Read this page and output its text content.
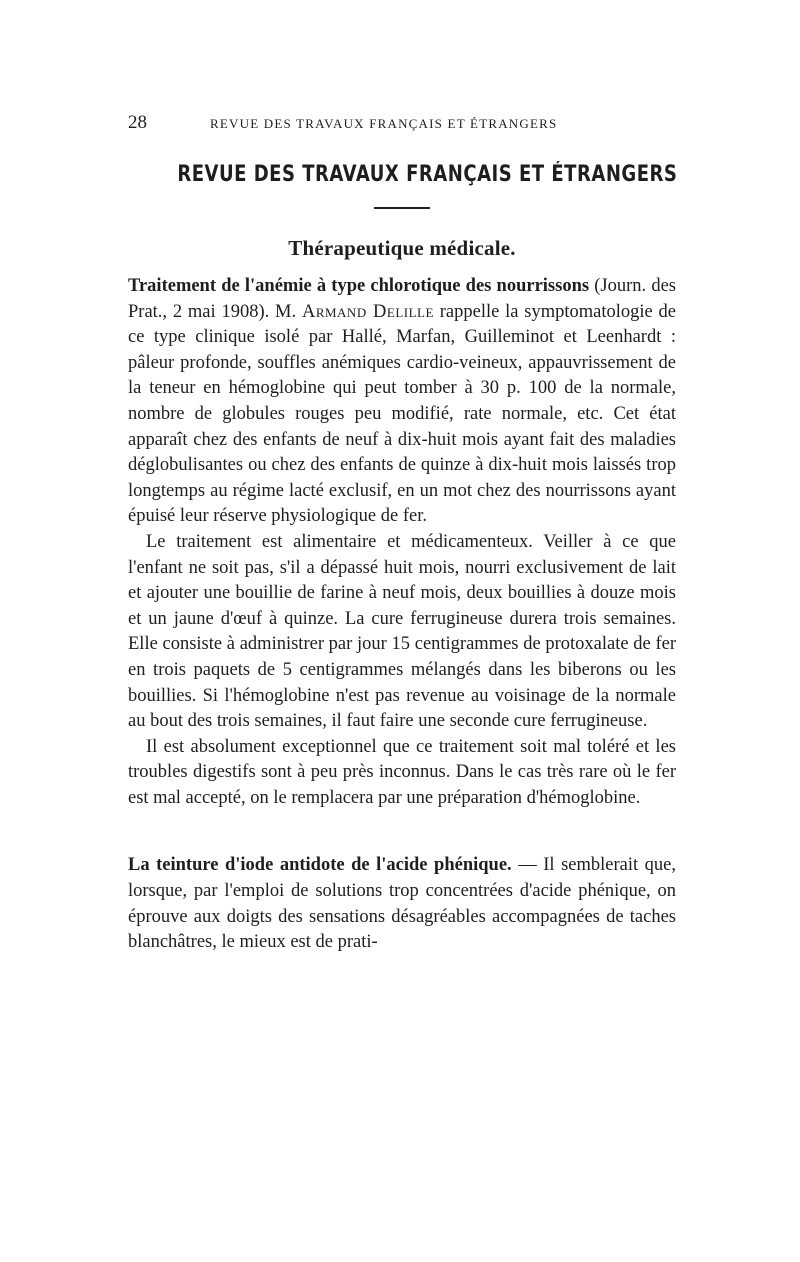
28	REVUE DES TRAVAUX FRANÇAIS ET ÉTRANGERS
REVUE DES TRAVAUX FRANÇAIS ET ÉTRANGERS
Thérapeutique médicale.

Traitement de l'anémie à type chlorotique des nourrissons (Journ. des Prat., 2 mai 1908). M. Armand Delille rappelle la symptomatologie de ce type clinique isolé par Hallé, Marfan, Guilleminot et Leenhardt : pâleur profonde, souffles anémiques cardio-veineux, appauvrissement de la teneur en hémoglobine qui peut tomber à 30 p. 100 de la normale, nombre de globules rouges peu modifié, rate normale, etc. Cet état apparaît chez des enfants de neuf à dix-huit mois ayant fait des maladies déglobulisantes ou chez des enfants de quinze à dix-huit mois laissés trop longtemps au régime lacté exclusif, en un mot chez des nourrissons ayant épuisé leur réserve physiologique de fer.

Le traitement est alimentaire et médicamenteux. Veiller à ce que l'enfant ne soit pas, s'il a dépassé huit mois, nourri exclusivement de lait et ajouter une bouillie de farine à neuf mois, deux bouillies à douze mois et un jaune d'œuf à quinze. La cure ferrugineuse durera trois semaines. Elle consiste à administrer par jour 15 centigrammes de protoxalate de fer en trois paquets de 5 centigrammes mélangés dans les biberons ou les bouillies. Si l'hémoglobine n'est pas revenue au voisinage de la normale au bout des trois semaines, il faut faire une seconde cure ferrugineuse.

Il est absolument exceptionnel que ce traitement soit mal toléré et les troubles digestifs sont à peu près inconnus. Dans le cas très rare où le fer est mal accepté, on le remplacera par une préparation d'hémoglobine.

La teinture d'iode antidote de l'acide phénique. — Il semblerait que, lorsque, par l'emploi de solutions trop concentrées d'acide phénique, on éprouve aux doigts des sensations désagréables accompagnées de taches blanchâtres, le mieux est de prati-
